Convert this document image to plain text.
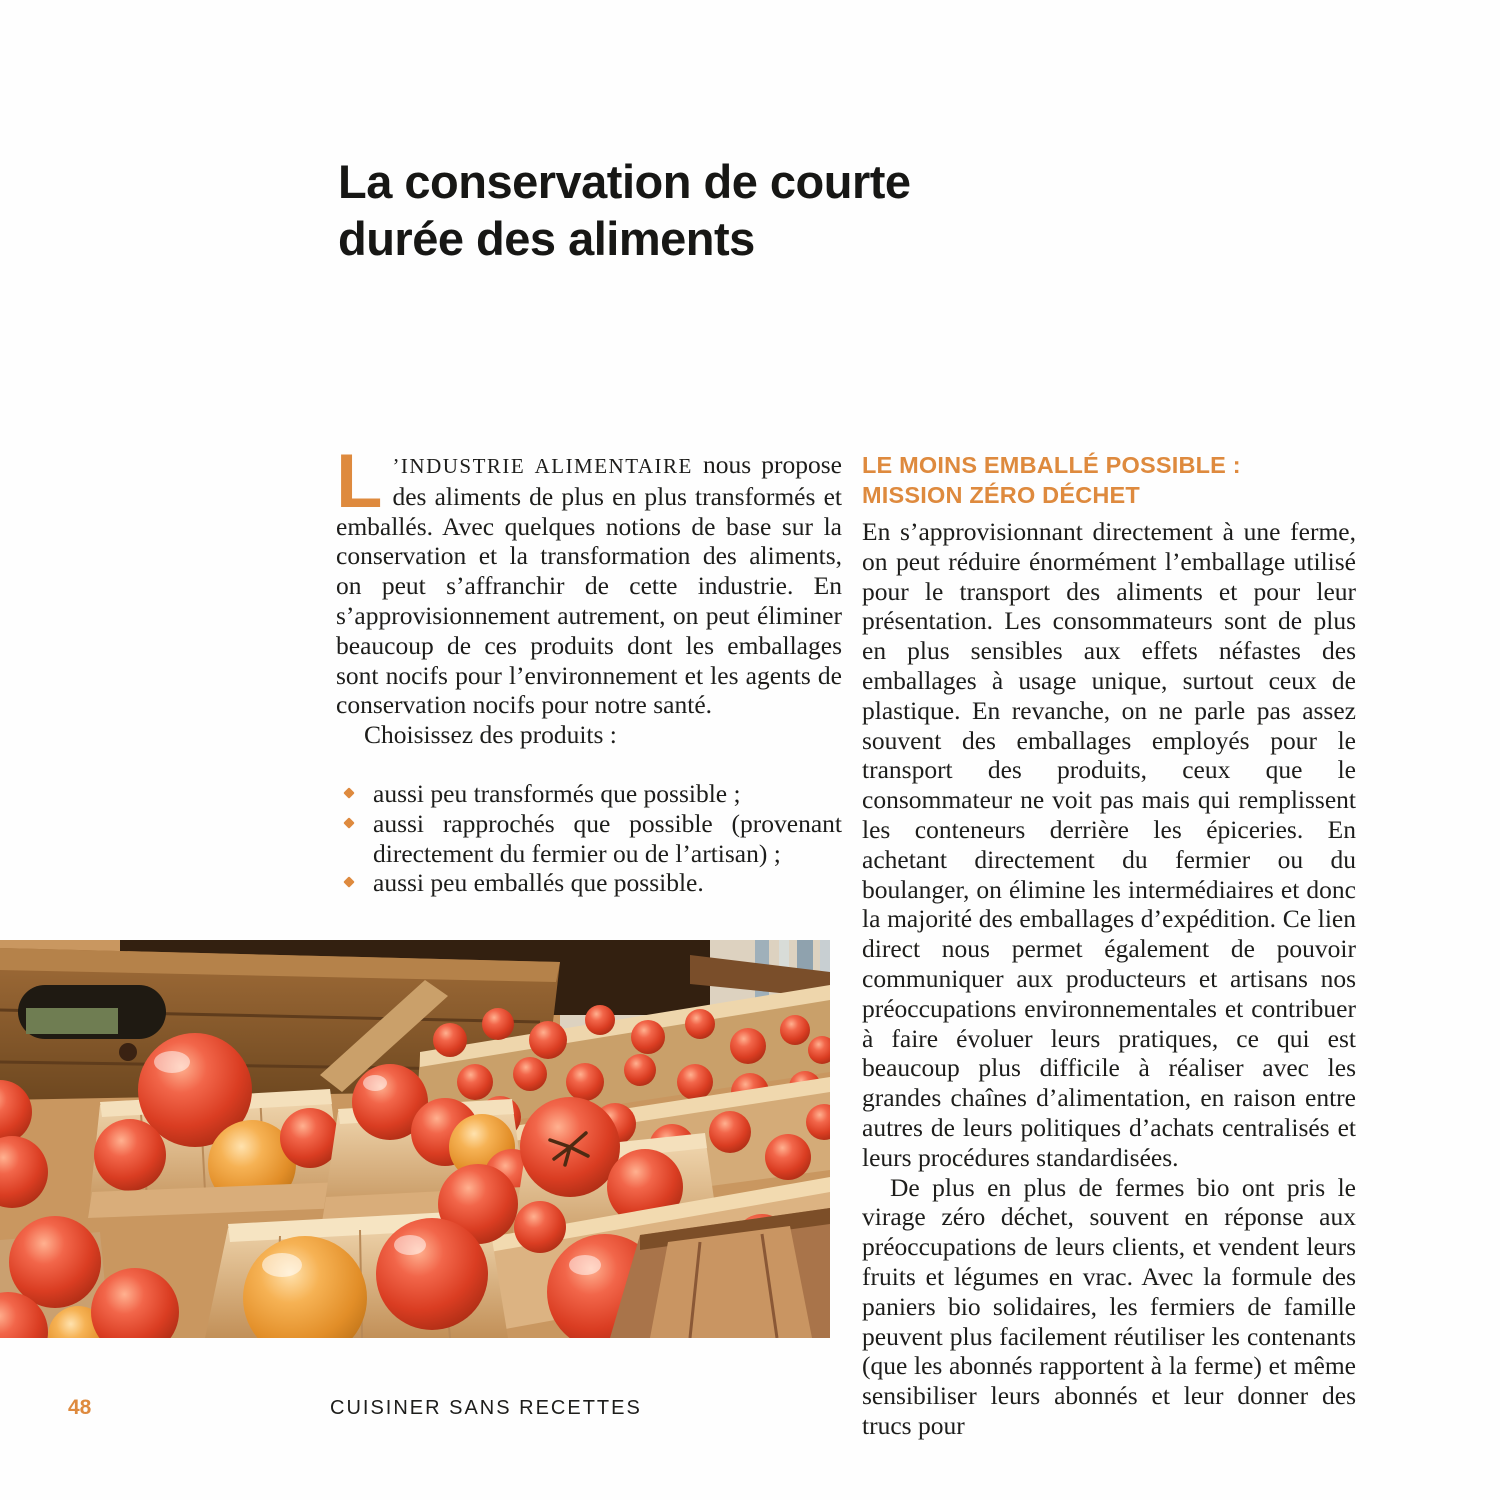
La conservation de courte
durée des aliments

L ’INDUSTRIE ALIMENTAIRE nous propose des aliments de plus en plus transformés et emballés. Avec quelques notions de base sur la conservation et la transformation des aliments, on peut s’affranchir de cette industrie. En s’approvisionnement autrement, on peut éliminer beaucoup de ces produits dont les emballages sont nocifs pour l’environnement et les agents de conservation nocifs pour notre santé.

Choisissez des produits :

aussi peu transformés que possible ;
aussi rapprochés que possible (provenant directement du fermier ou de l’artisan) ;
aussi peu emballés que possible.
LE MOINS EMBALLÉ POSSIBLE :
MISSION ZÉRO DÉCHET

En s’approvisionnant directement à une ferme, on peut réduire énormément l’emballage utilisé pour le transport des aliments et pour leur présentation. Les consommateurs sont de plus en plus sensibles aux effets néfastes des emballages à usage unique, surtout ceux de plastique. En revanche, on ne parle pas assez souvent des emballages employés pour le transport des produits, ceux que le consommateur ne voit pas mais qui remplissent les conteneurs derrière les épiceries. En achetant directement du fermier ou du boulanger, on élimine les intermédiaires et donc la majorité des emballages d’expédition. Ce lien direct nous permet également de pouvoir communiquer aux producteurs et artisans nos préoccupations environnementales et contribuer à faire évoluer leurs pratiques, ce qui est beaucoup plus difficile à réaliser avec les grandes chaînes d’alimentation, en raison entre autres de leurs politiques d’achats centralisés et leurs procédures standardisées.

De plus en plus de fermes bio ont pris le virage zéro déchet, souvent en réponse aux préoccupations de leurs clients, et vendent leurs fruits et légumes en vrac. Avec la formule des paniers bio solidaires, les fermiers de famille peuvent plus facilement réutiliser les contenants (que les abonnés rapportent à la ferme) et même sensibiliser leurs abonnés et leur donner des trucs pour

48	CUISINER SANS RECETTES
